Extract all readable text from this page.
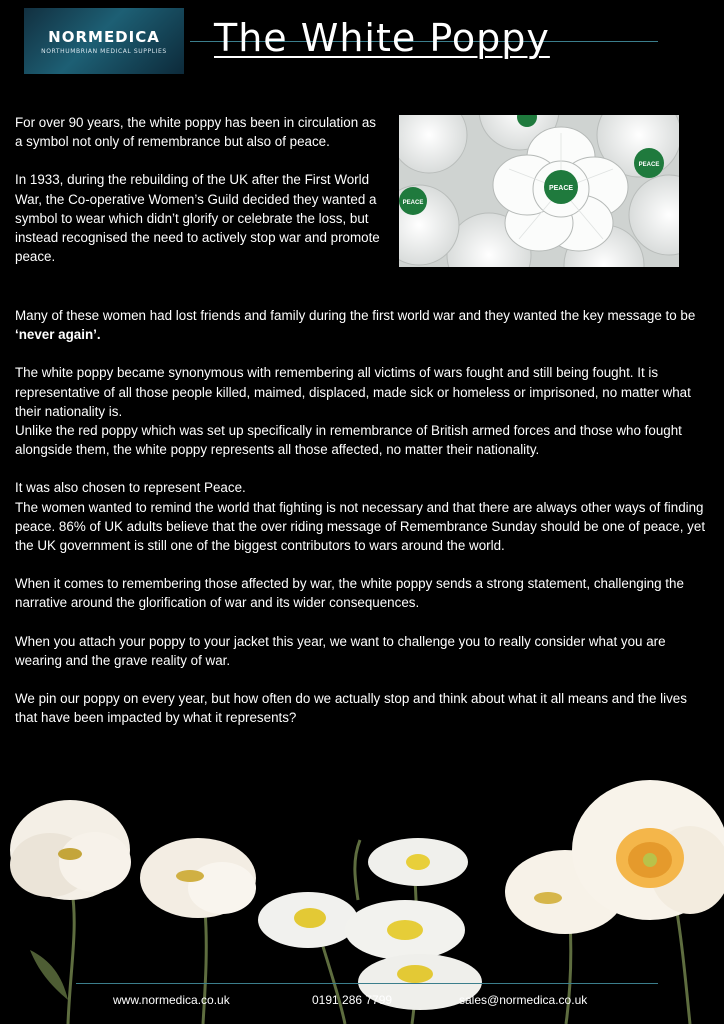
NORMEDICA
NORTHUMBRIAN MEDICAL SUPPLIES The White Poppy

For over 90 years, the white poppy has been in circulation as a symbol not only of remembrance but also of peace.

In 1933, during the rebuilding of the UK after the First World War, the Co-operative Women’s Guild decided they wanted a symbol to wear which didn’t glorify or celebrate the loss, but instead recognised the need to actively stop war and promote peace.

PEACE
PEACE
PEACE

Many of these women had lost friends and family during the first world war and they wanted the key message to be ‘never again’.

The white poppy became synonymous with remembering all victims of wars fought and still being fought. It is representative of all those people killed, maimed, displaced, made sick or homeless or imprisoned, no matter what their nationality is.
Unlike the red poppy which was set up specifically in remembrance of British armed forces and those who fought alongside them, the white poppy represents all those affected, no matter their nationality.

It was also chosen to represent Peace.
The women wanted to remind the world that fighting is not necessary and that there are always other ways of finding peace. 86% of UK adults believe that the over riding message of Remembrance Sunday should be one of peace, yet the UK government is still one of the biggest contributors to wars around the world.

When it comes to remembering those affected by war, the white poppy sends a strong statement, challenging the narrative around the glorification of war and its wider consequences.

When you attach your poppy to your jacket this year, we want to challenge you to really consider what you are wearing and the grave reality of war.

We pin our poppy on every year, but how often do we actually stop and think about what it all means and the lives that have been impacted by what it represents?

www.normedica.co.uk	0191 286 7799	sales@normedica.co.uk
